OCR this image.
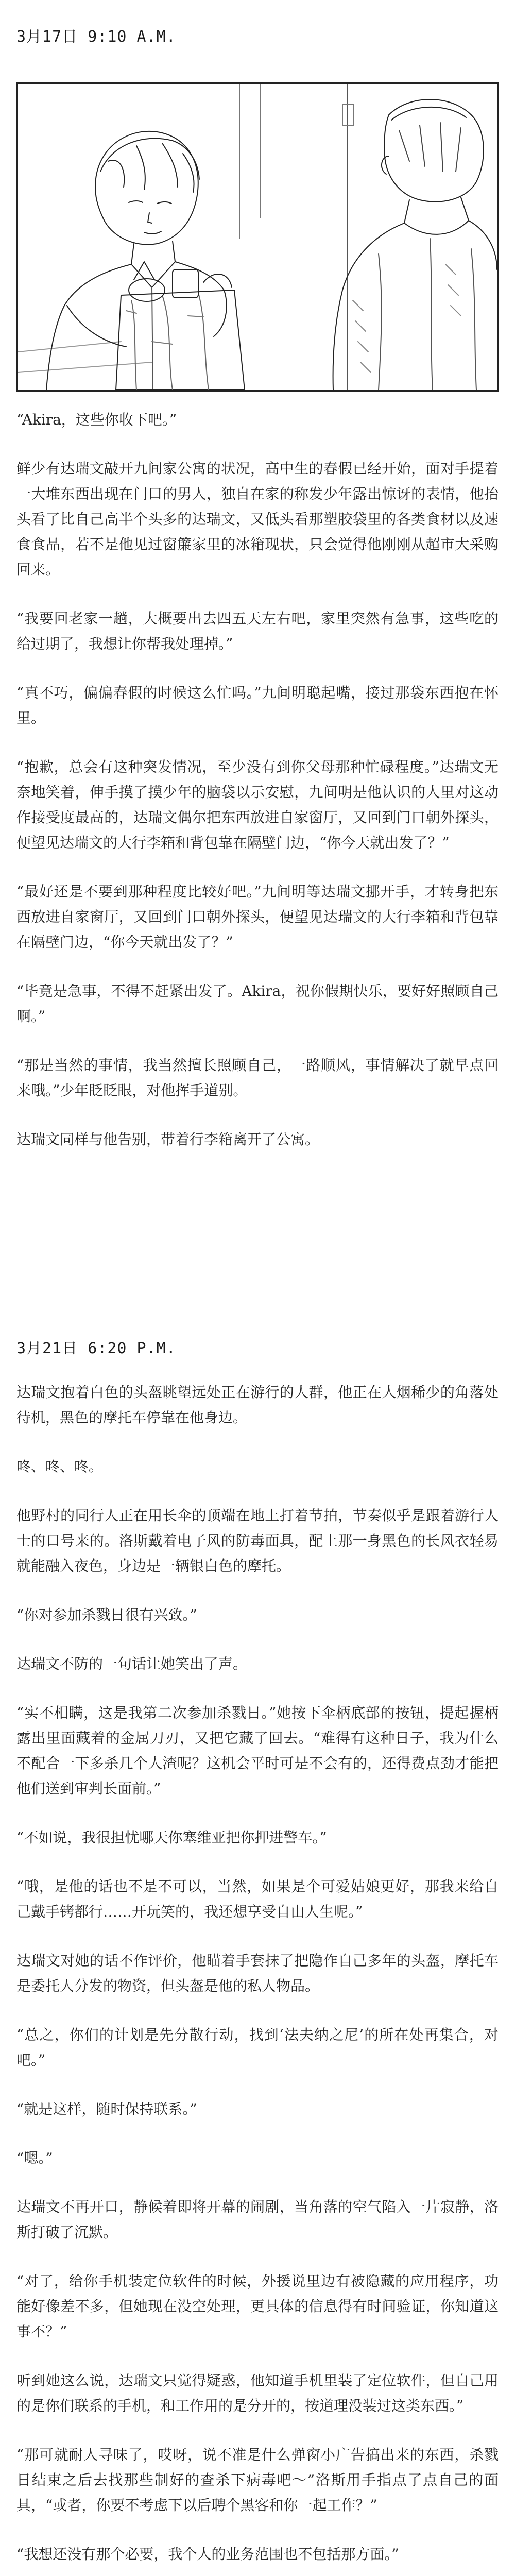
3月17日 9:10 A.M.

“Akira，这些你收下吧。”

鲜少有达瑞文敲开九间家公寓的状况，高中生的春假已经开始，面对手提着一大堆东西出现在门口的男人，独自在家的称发少年露出惊讶的表情，他抬头看了比自己高半个头多的达瑞文，又低头看那塑胶袋里的各类食材以及速食食品，若不是他见过窗簾家里的冰箱现状，只会觉得他刚刚从超市大采购回来。

“我要回老家一趟，大概要出去四五天左右吧，家里突然有急事，这些吃的给过期了，我想让你帮我处理掉。”

“真不巧，偏偏春假的时候这么忙吗。”九间明聪起嘴，接过那袋东西抱在怀里。

“抱歉，总会有这种突发情况，至少没有到你父母那种忙碌程度。”达瑞文无奈地笑着，伸手摸了摸少年的脑袋以示安慰，九间明是他认识的人里对这动作接受度最高的，达瑞文偶尔把东西放进自家窗厅，又回到门口朝外探头，便望见达瑞文的大行李箱和背包靠在隔壁门边，“你今天就出发了？”

“最好还是不要到那种程度比较好吧。”九间明等达瑞文挪开手，才转身把东西放进自家窗厅，又回到门口朝外探头，便望见达瑞文的大行李箱和背包靠在隔壁门边，“你今天就出发了？”

“毕竟是急事，不得不赶紧出发了。Akira，祝你假期快乐，要好好照顾自己啊。”

“那是当然的事情，我当然擅长照顾自己，一路顺风，事情解决了就早点回来哦。”少年眨眨眼，对他挥手道别。

达瑞文同样与他告别，带着行李箱离开了公寓。

3月21日 6:20 P.M.

达瑞文抱着白色的头盔眺望远处正在游行的人群，他正在人烟稀少的角落处待机，黑色的摩托车停靠在他身边。

咚、咚、咚。

他野村的同行人正在用长伞的顶端在地上打着节拍，节奏似乎是跟着游行人士的口号来的。洛斯戴着电子风的防毒面具，配上那一身黑色的长风衣轻易就能融入夜色，身边是一辆银白色的摩托。

“你对参加杀戮日很有兴致。”

达瑞文不防的一句话让她笑出了声。

“实不相瞒，这是我第二次参加杀戮日。”她按下伞柄底部的按钮，提起握柄露出里面藏着的金属刀刃，又把它藏了回去。“难得有这种日子，我为什么不配合一下多杀几个人渣呢？这机会平时可是不会有的，还得费点劲才能把他们送到审判长面前。”

“不如说，我很担忧哪天你塞维亚把你押进警车。”

“哦，是他的话也不是不可以，当然，如果是个可爱姑娘更好，那我来给自己戴手铐都行……开玩笑的，我还想享受自由人生呢。”

达瑞文对她的话不作评价，他瞄着手套抹了把隐作自己多年的头盔，摩托车是委托人分发的物资，但头盔是他的私人物品。

“总之，你们的计划是先分散行动，找到‘法夫纳之尼’的所在处再集合，对吧。”

“就是这样，随时保持联系。”

“嗯。”

达瑞文不再开口，静候着即将开幕的闹剧，当角落的空气陷入一片寂静，洛斯打破了沉默。

“对了，给你手机装定位软件的时候，外援说里边有被隐藏的应用程序，功能好像差不多，但她现在没空处理，更具体的信息得有时间验证，你知道这事不？”

听到她这么说，达瑞文只觉得疑惑，他知道手机里装了定位软件，但自己用的是你们联系的手机，和工作用的是分开的，按道理没装过这类东西。”

“那可就耐人寻味了，哎呀，说不准是什么弹窗小广告搞出来的东西，杀戮日结束之后去找那些制好的查杀下病毒吧～”洛斯用手指点了点自己的面具，“或者，你要不考虑下以后聘个黑客和你一起工作？”

“我想还没有那个必要，我个人的业务范围也不包括那方面。”
